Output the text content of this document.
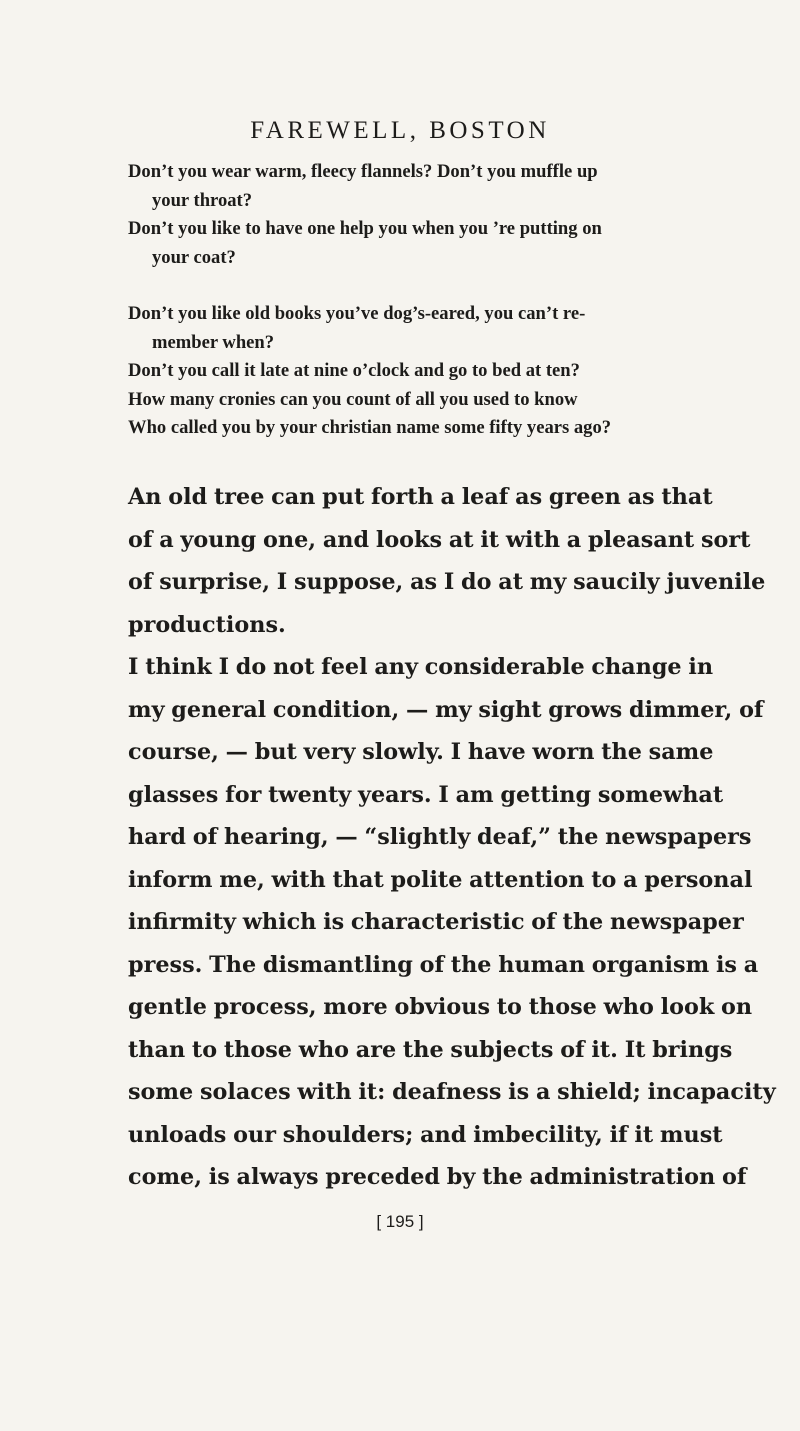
FAREWELL, BOSTON
Don’t you wear warm, fleecy flannels? Don’t you muffle up
your throat?
Don’t you like to have one help you when you ’re putting on
your coat?
Don’t you like old books you’ve dog’s-eared, you can’t re-
member when?
Don’t you call it late at nine o’clock and go to bed at ten?
How many cronies can you count of all you used to know
Who called you by your christian name some fifty years ago?
An old tree can put forth a leaf as green as that
of a young one, and looks at it with a pleasant sort
of surprise, I suppose, as I do at my saucily juvenile
productions.
I think I do not feel any considerable change in
my general condition, — my sight grows dimmer, of
course, — but very slowly. I have worn the same
glasses for twenty years. I am getting somewhat
hard of hearing, — “slightly deaf,” the newspapers
inform me, with that polite attention to a personal
infirmity which is characteristic of the newspaper
press. The dismantling of the human organism is a
gentle process, more obvious to those who look on
than to those who are the subjects of it. It brings
some solaces with it: deafness is a shield; incapacity
unloads our shoulders; and imbecility, if it must
come, is always preceded by the administration of
[ 195 ]
